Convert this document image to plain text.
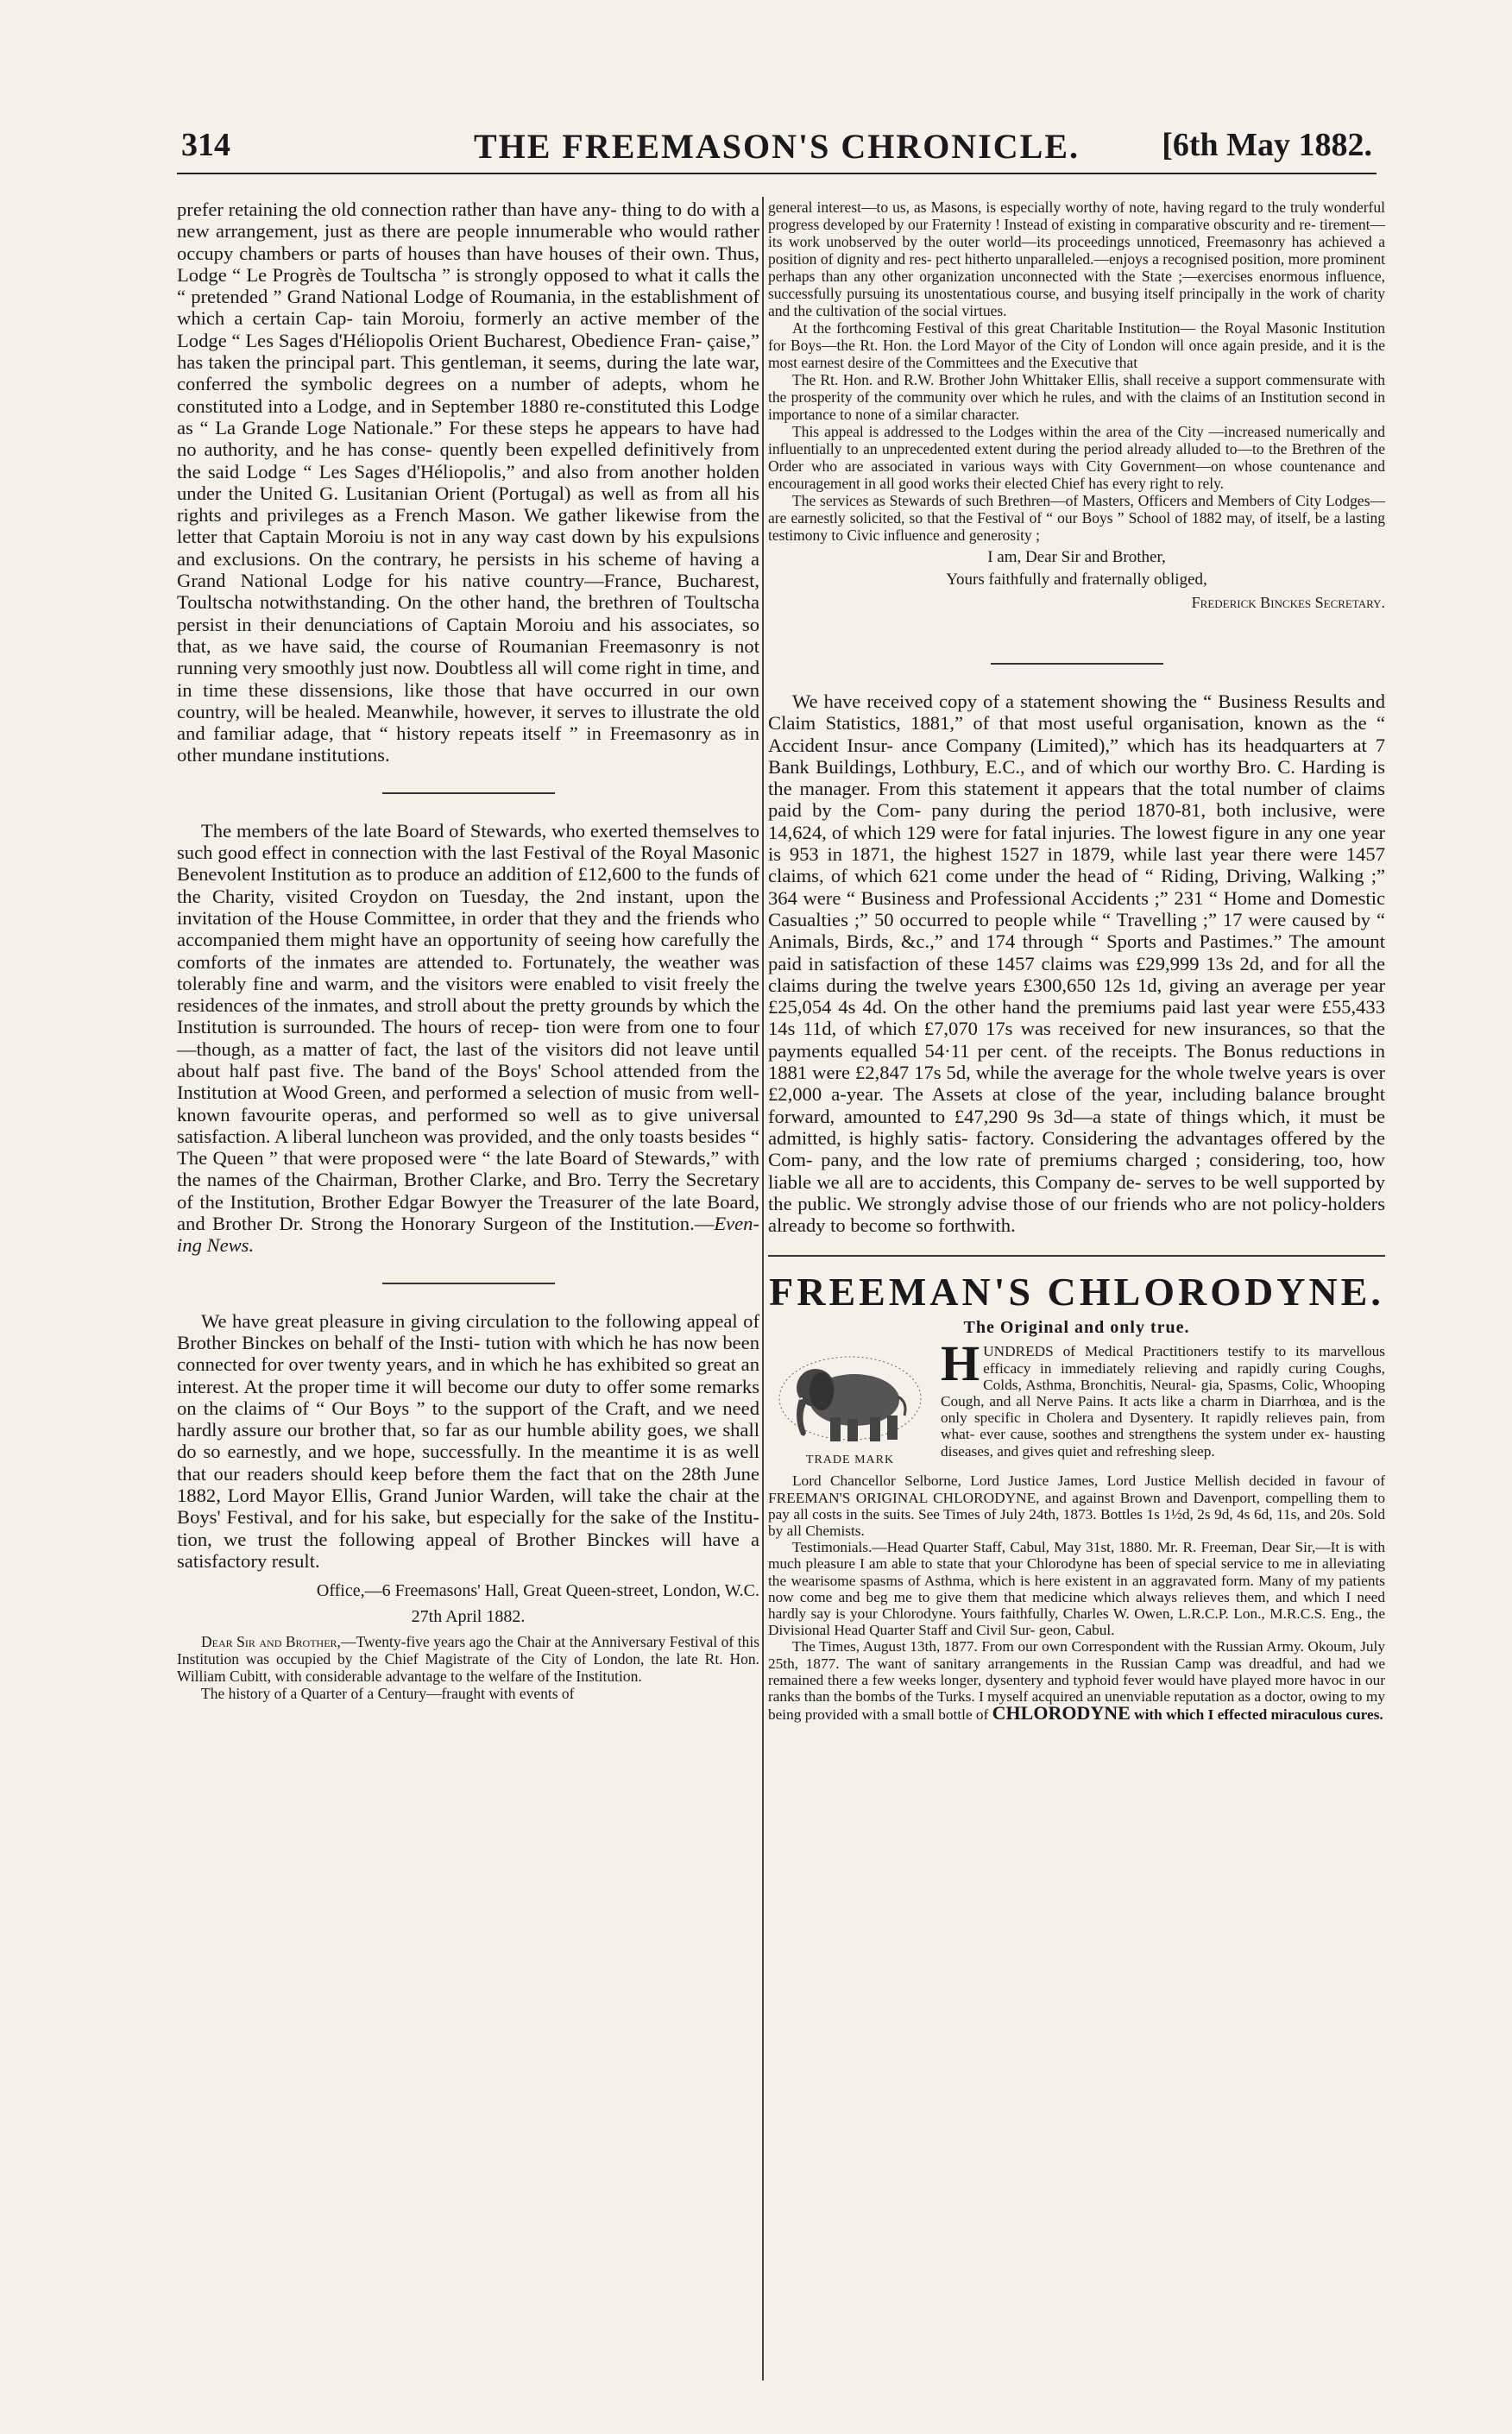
314	THE FREEMASON'S CHRONICLE.	[6th May 1882.

prefer retaining the old connection rather than have any- thing to do with a new arrangement, just as there are people innumerable who would rather occupy chambers or parts of houses than have houses of their own. Thus, Lodge “ Le Progrès de Toultscha ” is strongly opposed to what it calls the “ pretended ” Grand National Lodge of Roumania, in the establishment of which a certain Cap- tain Moroiu, formerly an active member of the Lodge “ Les Sages d'Héliopolis Orient Bucharest, Obedience Fran- çaise,” has taken the principal part. This gentleman, it seems, during the late war, conferred the symbolic degrees on a number of adepts, whom he constituted into a Lodge, and in September 1880 re-constituted this Lodge as “ La Grande Loge Nationale.” For these steps he appears to have had no authority, and he has conse- quently been expelled definitively from the said Lodge “ Les Sages d'Héliopolis,” and also from another holden under the United G. Lusitanian Orient (Portugal) as well as from all his rights and privileges as a French Mason. We gather likewise from the letter that Captain Moroiu is not in any way cast down by his expulsions and exclusions. On the contrary, he persists in his scheme of having a Grand National Lodge for his native country—France, Bucharest, Toultscha notwithstanding. On the other hand, the brethren of Toultscha persist in their denunciations of Captain Moroiu and his associates, so that, as we have said, the course of Roumanian Freemasonry is not running very smoothly just now. Doubtless all will come right in time, and in time these dissensions, like those that have occurred in our own country, will be healed. Meanwhile, however, it serves to illustrate the old and familiar adage, that “ history repeats itself ” in Freemasonry as in other mundane institutions.

The members of the late Board of Stewards, who exerted themselves to such good effect in connection with the last Festival of the Royal Masonic Benevolent Institution as to produce an addition of £12,600 to the funds of the Charity, visited Croydon on Tuesday, the 2nd instant, upon the invitation of the House Committee, in order that they and the friends who accompanied them might have an opportunity of seeing how carefully the comforts of the inmates are attended to. Fortunately, the weather was tolerably fine and warm, and the visitors were enabled to visit freely the residences of the inmates, and stroll about the pretty grounds by which the Institution is surrounded. The hours of recep- tion were from one to four—though, as a matter of fact, the last of the visitors did not leave until about half past five. The band of the Boys' School attended from the Institution at Wood Green, and performed a selection of music from well-known favourite operas, and performed so well as to give universal satisfaction. A liberal luncheon was provided, and the only toasts besides “ The Queen ” that were proposed were “ the late Board of Stewards,” with the names of the Chairman, Brother Clarke, and Bro. Terry the Secretary of the Institution, Brother Edgar Bowyer the Treasurer of the late Board, and Brother Dr. Strong the Honorary Surgeon of the Institution.—Even- ing News.

We have great pleasure in giving circulation to the following appeal of Brother Binckes on behalf of the Insti- tution with which he has now been connected for over twenty years, and in which he has exhibited so great an interest. At the proper time it will become our duty to offer some remarks on the claims of “ Our Boys ” to the support of the Craft, and we need hardly assure our brother that, so far as our humble ability goes, we shall do so earnestly, and we hope, successfully. In the meantime it is as well that our readers should keep before them the fact that on the 28th June 1882, Lord Mayor Ellis, Grand Junior Warden, will take the chair at the Boys' Festival, and for his sake, but especially for the sake of the Institu- tion, we trust the following appeal of Brother Binckes will have a satisfactory result.

Office,—6 Freemasons' Hall, Great Queen-street, London, W.C.

27th April 1882.

Dear Sir and Brother,—Twenty-five years ago the Chair at the Anniversary Festival of this Institution was occupied by the Chief Magistrate of the City of London, the late Rt. Hon. William Cubitt, with considerable advantage to the welfare of the Institution.

The history of a Quarter of a Century—fraught with events of

general interest—to us, as Masons, is especially worthy of note, having regard to the truly wonderful progress developed by our Fraternity ! Instead of existing in comparative obscurity and re- tirement—its work unobserved by the outer world—its proceedings unnoticed, Freemasonry has achieved a position of dignity and res- pect hitherto unparalleled.—enjoys a recognised position, more prominent perhaps than any other organization unconnected with the State ;—exercises enormous influence, successfully pursuing its unostentatious course, and busying itself principally in the work of charity and the cultivation of the social virtues.

At the forthcoming Festival of this great Charitable Institution— the Royal Masonic Institution for Boys—the Rt. Hon. the Lord Mayor of the City of London will once again preside, and it is the most earnest desire of the Committees and the Executive that

The Rt. Hon. and R.W. Brother John Whittaker Ellis, shall receive a support commensurate with the prosperity of the community over which he rules, and with the claims of an Institution second in importance to none of a similar character.

This appeal is addressed to the Lodges within the area of the City —increased numerically and influentially to an unprecedented extent during the period already alluded to—to the Brethren of the Order who are associated in various ways with City Government—on whose countenance and encouragement in all good works their elected Chief has every right to rely.

The services as Stewards of such Brethren—of Masters, Officers and Members of City Lodges—are earnestly solicited, so that the Festival of “ our Boys ” School of 1882 may, of itself, be a lasting testimony to Civic influence and generosity ;

I am, Dear Sir and Brother,

Yours faithfully and fraternally obliged,

Frederick Binckes Secretary.

We have received copy of a statement showing the “ Business Results and Claim Statistics, 1881,” of that most useful organisation, known as the “ Accident Insur- ance Company (Limited),” which has its headquarters at 7 Bank Buildings, Lothbury, E.C., and of which our worthy Bro. C. Harding is the manager. From this statement it appears that the total number of claims paid by the Com- pany during the period 1870-81, both inclusive, were 14,624, of which 129 were for fatal injuries. The lowest figure in any one year is 953 in 1871, the highest 1527 in 1879, while last year there were 1457 claims, of which 621 come under the head of “ Riding, Driving, Walking ;” 364 were “ Business and Professional Accidents ;” 231 “ Home and Domestic Casualties ;” 50 occurred to people while “ Travelling ;” 17 were caused by “ Animals, Birds, &c.,” and 174 through “ Sports and Pastimes.” The amount paid in satisfaction of these 1457 claims was £29,999 13s 2d, and for all the claims during the twelve years £300,650 12s 1d, giving an average per year £25,054 4s 4d. On the other hand the premiums paid last year were £55,433 14s 11d, of which £7,070 17s was received for new insurances, so that the payments equalled 54·11 per cent. of the receipts. The Bonus reductions in 1881 were £2,847 17s 5d, while the average for the whole twelve years is over £2,000 a-year. The Assets at close of the year, including balance brought forward, amounted to £47,290 9s 3d—a state of things which, it must be admitted, is highly satis- factory. Considering the advantages offered by the Com- pany, and the low rate of premiums charged ; considering, too, how liable we all are to accidents, this Company de- serves to be well supported by the public. We strongly advise those of our friends who are not policy-holders already to become so forthwith.

FREEMAN'S CHLORODYNE.
The Original and only true.
TRADE MARK
H UNDREDS of Medical Practitioners testify to its marvellous efficacy in immediately relieving and rapidly curing Coughs, Colds, Asthma, Bronchitis, Neural- gia, Spasms, Colic, Whooping Cough, and all Nerve Pains. It acts like a charm in Diarrhœa, and is the only specific in Cholera and Dysentery. It rapidly relieves pain, from what- ever cause, soothes and strengthens the system under ex- hausting diseases, and gives quiet and refreshing sleep.

Lord Chancellor Selborne, Lord Justice James, Lord Justice Mellish decided in favour of FREEMAN'S ORIGINAL CHLORODYNE, and against Brown and Davenport, compelling them to pay all costs in the suits. See Times of July 24th, 1873. Bottles 1s 1½d, 2s 9d, 4s 6d, 11s, and 20s. Sold by all Chemists.

Testimonials.—Head Quarter Staff, Cabul, May 31st, 1880. Mr. R. Freeman, Dear Sir,—It is with much pleasure I am able to state that your Chlorodyne has been of special service to me in alleviating the wearisome spasms of Asthma, which is here existent in an aggravated form. Many of my patients now come and beg me to give them that medicine which always relieves them, and which I need hardly say is your Chlorodyne. Yours faithfully, Charles W. Owen, L.R.C.P. Lon., M.R.C.S. Eng., the Divisional Head Quarter Staff and Civil Sur- geon, Cabul.

The Times, August 13th, 1877. From our own Correspondent with the Russian Army. Okoum, July 25th, 1877. The want of sanitary arrangements in the Russian Camp was dreadful, and had we remained there a few weeks longer, dysentery and typhoid fever would have played more havoc in our ranks than the bombs of the Turks. I myself acquired an unenviable reputation as a doctor, owing to my being provided with a small bottle of CHLORODYNE with which I effected miraculous cures.
